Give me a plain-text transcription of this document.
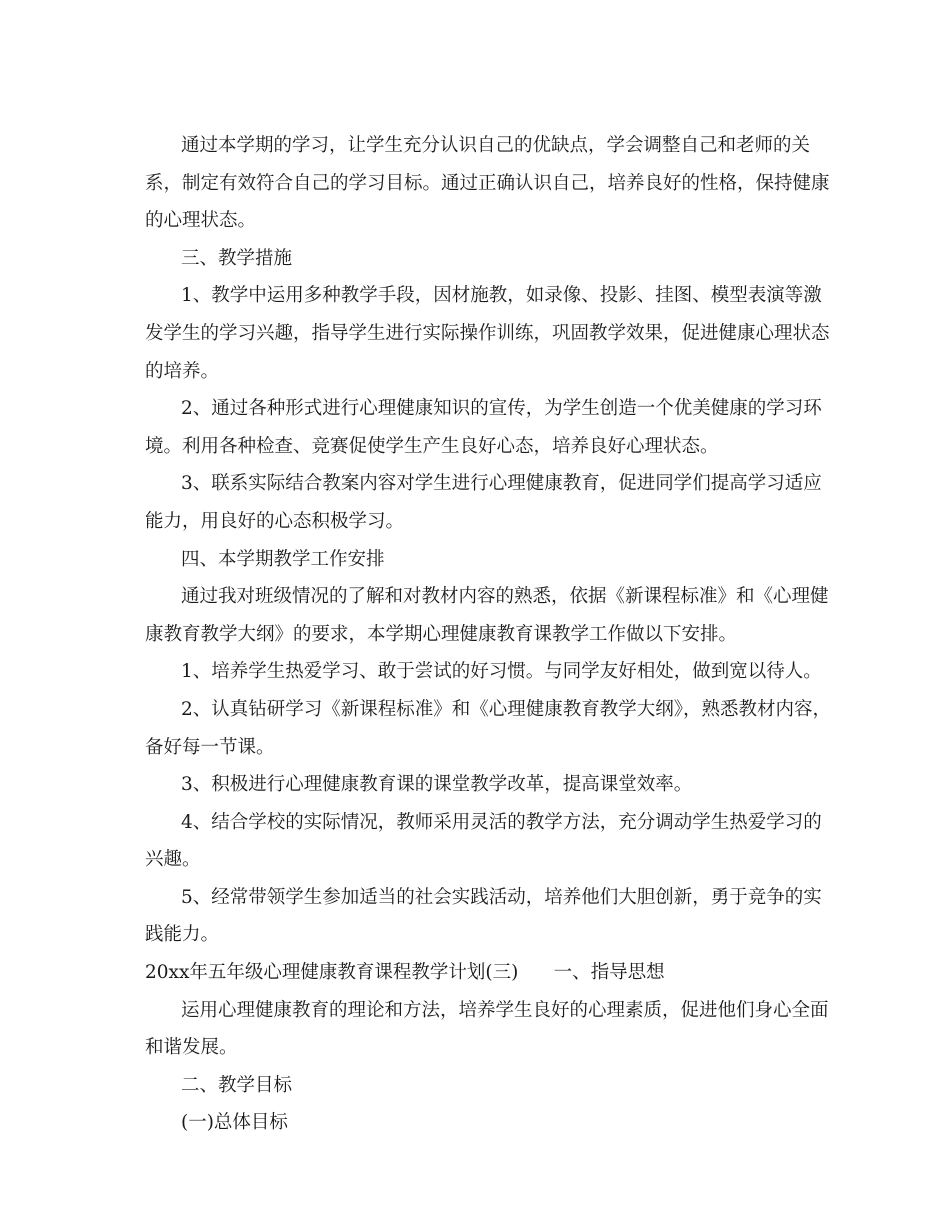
通过本学期的学习，让学生充分认识自己的优缺点，学会调整自己和老师的关系，制定有效符合自己的学习目标。通过正确认识自己，培养良好的性格，保持健康的心理状态。

三、教学措施

1、教学中运用多种教学手段，因材施教，如录像、投影、挂图、模型表演等激发学生的学习兴趣，指导学生进行实际操作训练，巩固教学效果，促进健康心理状态的培养。

2、通过各种形式进行心理健康知识的宣传，为学生创造一个优美健康的学习环境。利用各种检查、竞赛促使学生产生良好心态，培养良好心理状态。

3、联系实际结合教案内容对学生进行心理健康教育，促进同学们提高学习适应能力，用良好的心态积极学习。

四、本学期教学工作安排

通过我对班级情况的了解和对教材内容的熟悉，依据《新课程标准》和《心理健康教育教学大纲》的要求，本学期心理健康教育课教学工作做以下安排。

1、培养学生热爱学习、敢于尝试的好习惯。与同学友好相处，做到宽以待人。

2、认真钻研学习《新课程标准》和《心理健康教育教学大纲》，熟悉教材内容，备好每一节课。

3、积极进行心理健康教育课的课堂教学改革，提高课堂效率。

4、结合学校的实际情况，教师采用灵活的教学方法，充分调动学生热爱学习的兴趣。

5、经常带领学生参加适当的社会实践活动，培养他们大胆创新，勇于竞争的实践能力。

20xx年五年级心理健康教育课程教学计划(三)      一、指导思想

运用心理健康教育的理论和方法，培养学生良好的心理素质，促进他们身心全面和谐发展。

二、教学目标

(一)总体目标
